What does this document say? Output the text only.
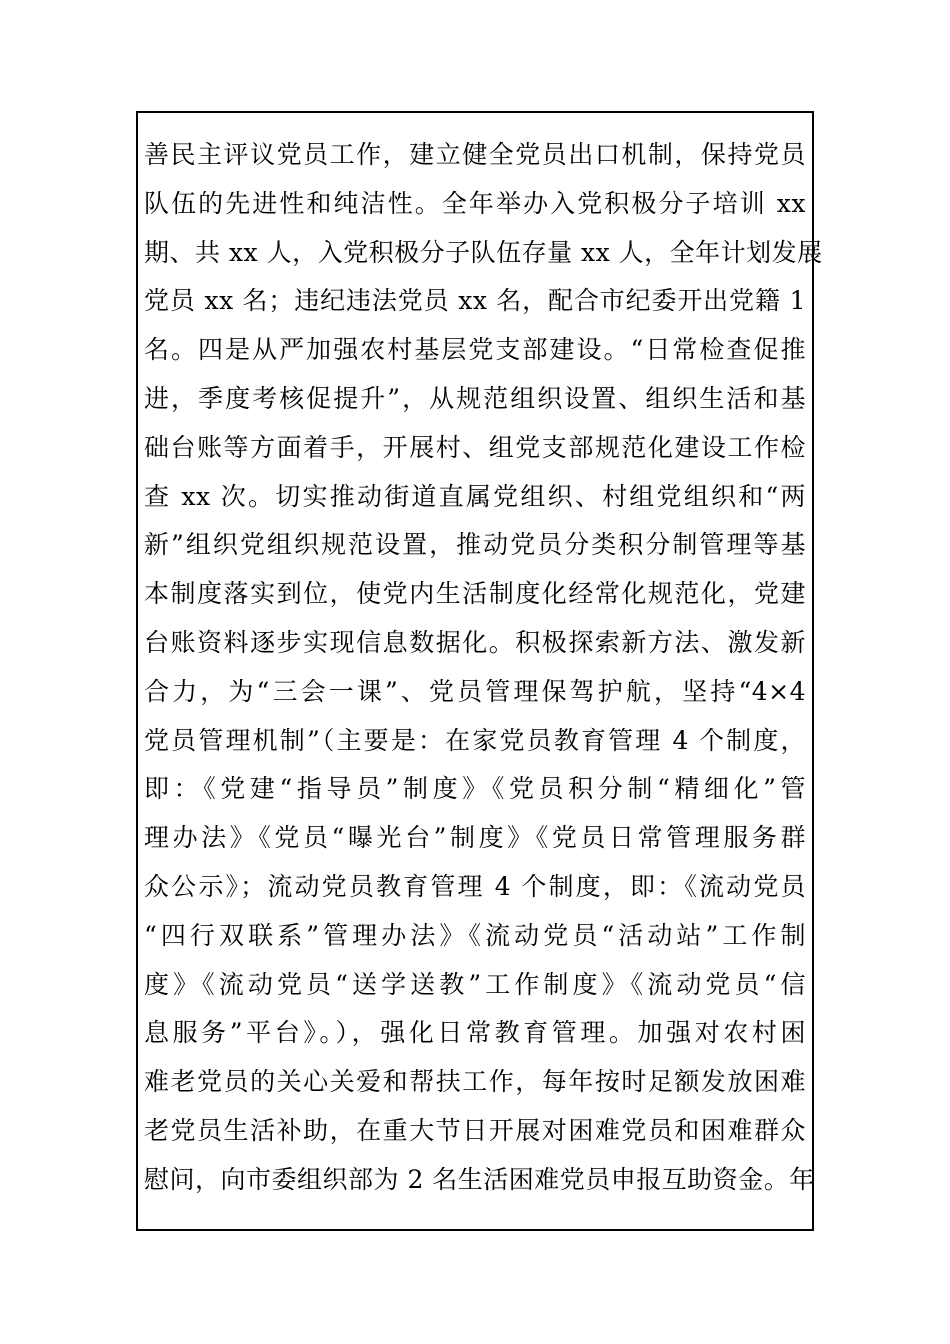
善民主评议党员工作，建立健全党员出口机制，保持党员
队伍的先进性和纯洁性。全年举办入党积极分子培训 xx
期、共 xx 人，入党积极分子队伍存量 xx 人，全年计划发展
党员 xx 名；违纪违法党员 xx 名，配合市纪委开出党籍 1
名。四是从严加强农村基层党支部建设。“日常检查促推
进，季度考核促提升”，从规范组织设置、组织生活和基
础台账等方面着手，开展村、组党支部规范化建设工作检
查 xx 次。切实推动街道直属党组织、村组党组织和“两
新”组织党组织规范设置，推动党员分类积分制管理等基
本制度落实到位，使党内生活制度化经常化规范化，党建
台账资料逐步实现信息数据化。积极探索新方法、激发新
合力，为“三会一课”、党员管理保驾护航，坚持“4×4
党员管理机制”（主要是：在家党员教育管理 4 个制度，
即：《党建“指导员”制度》《党员积分制“精细化”管
理办法》《党员“曝光台”制度》《党员日常管理服务群
众公示》；流动党员教育管理 4 个制度，即：《流动党员
“四行双联系”管理办法》《流动党员“活动站”工作制
度》《流动党员“送学送教”工作制度》《流动党员“信
息服务”平台》。），强化日常教育管理。加强对农村困
难老党员的关心关爱和帮扶工作，每年按时足额发放困难
老党员生活补助，在重大节日开展对困难党员和困难群众
慰问，向市委组织部为 2 名生活困难党员申报互助资金。年
